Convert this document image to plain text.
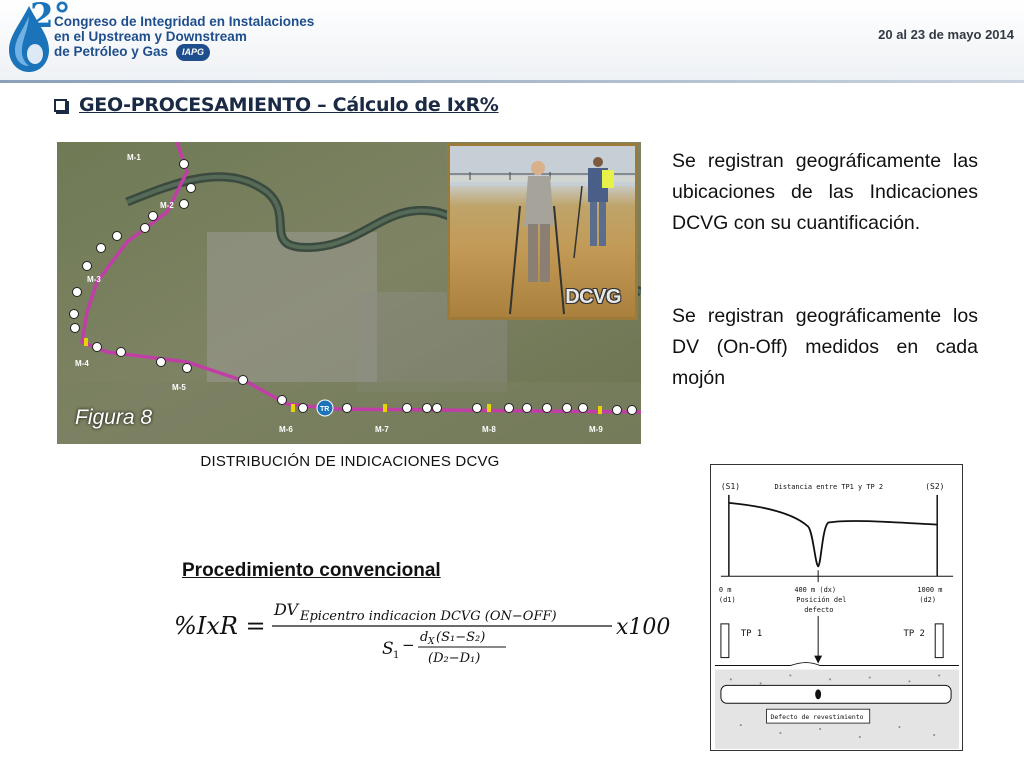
2°
Congreso de Integridad en Instalaciones
en el Upstream y Downstream
de Petróleo y Gas IAPG
20 al 23 de mayo 2014
GEO-PROCESAMIENTO – Cálculo de IxR%
M-1
M-2
M-3
M-4
M-5
M-6	M-7	M-8	M-9
TR
Figura 8
DCVG
DISTRIBUCIÓN DE INDICACIONES DCVG
Se registran geográficamente las ubicaciones de las Indicaciones DCVG con su cuantificación.
Se registran geográficamente los DV (On-Off) medidos en cada mojón
Procedimiento convencional
%IxR =
DV Epicentro indicacion DCVG (ON−OFF)
S 1
− d X (S₁−S₂)
(D₂−D₁)
x100
(S1)	Distancia entre TP1 y TP 2	(S2)
0 m
(d1)
400 m (dx)
Posición del
defecto
1000 m
(d2)
TP 1	TP 2
Defecto de revestimiento
